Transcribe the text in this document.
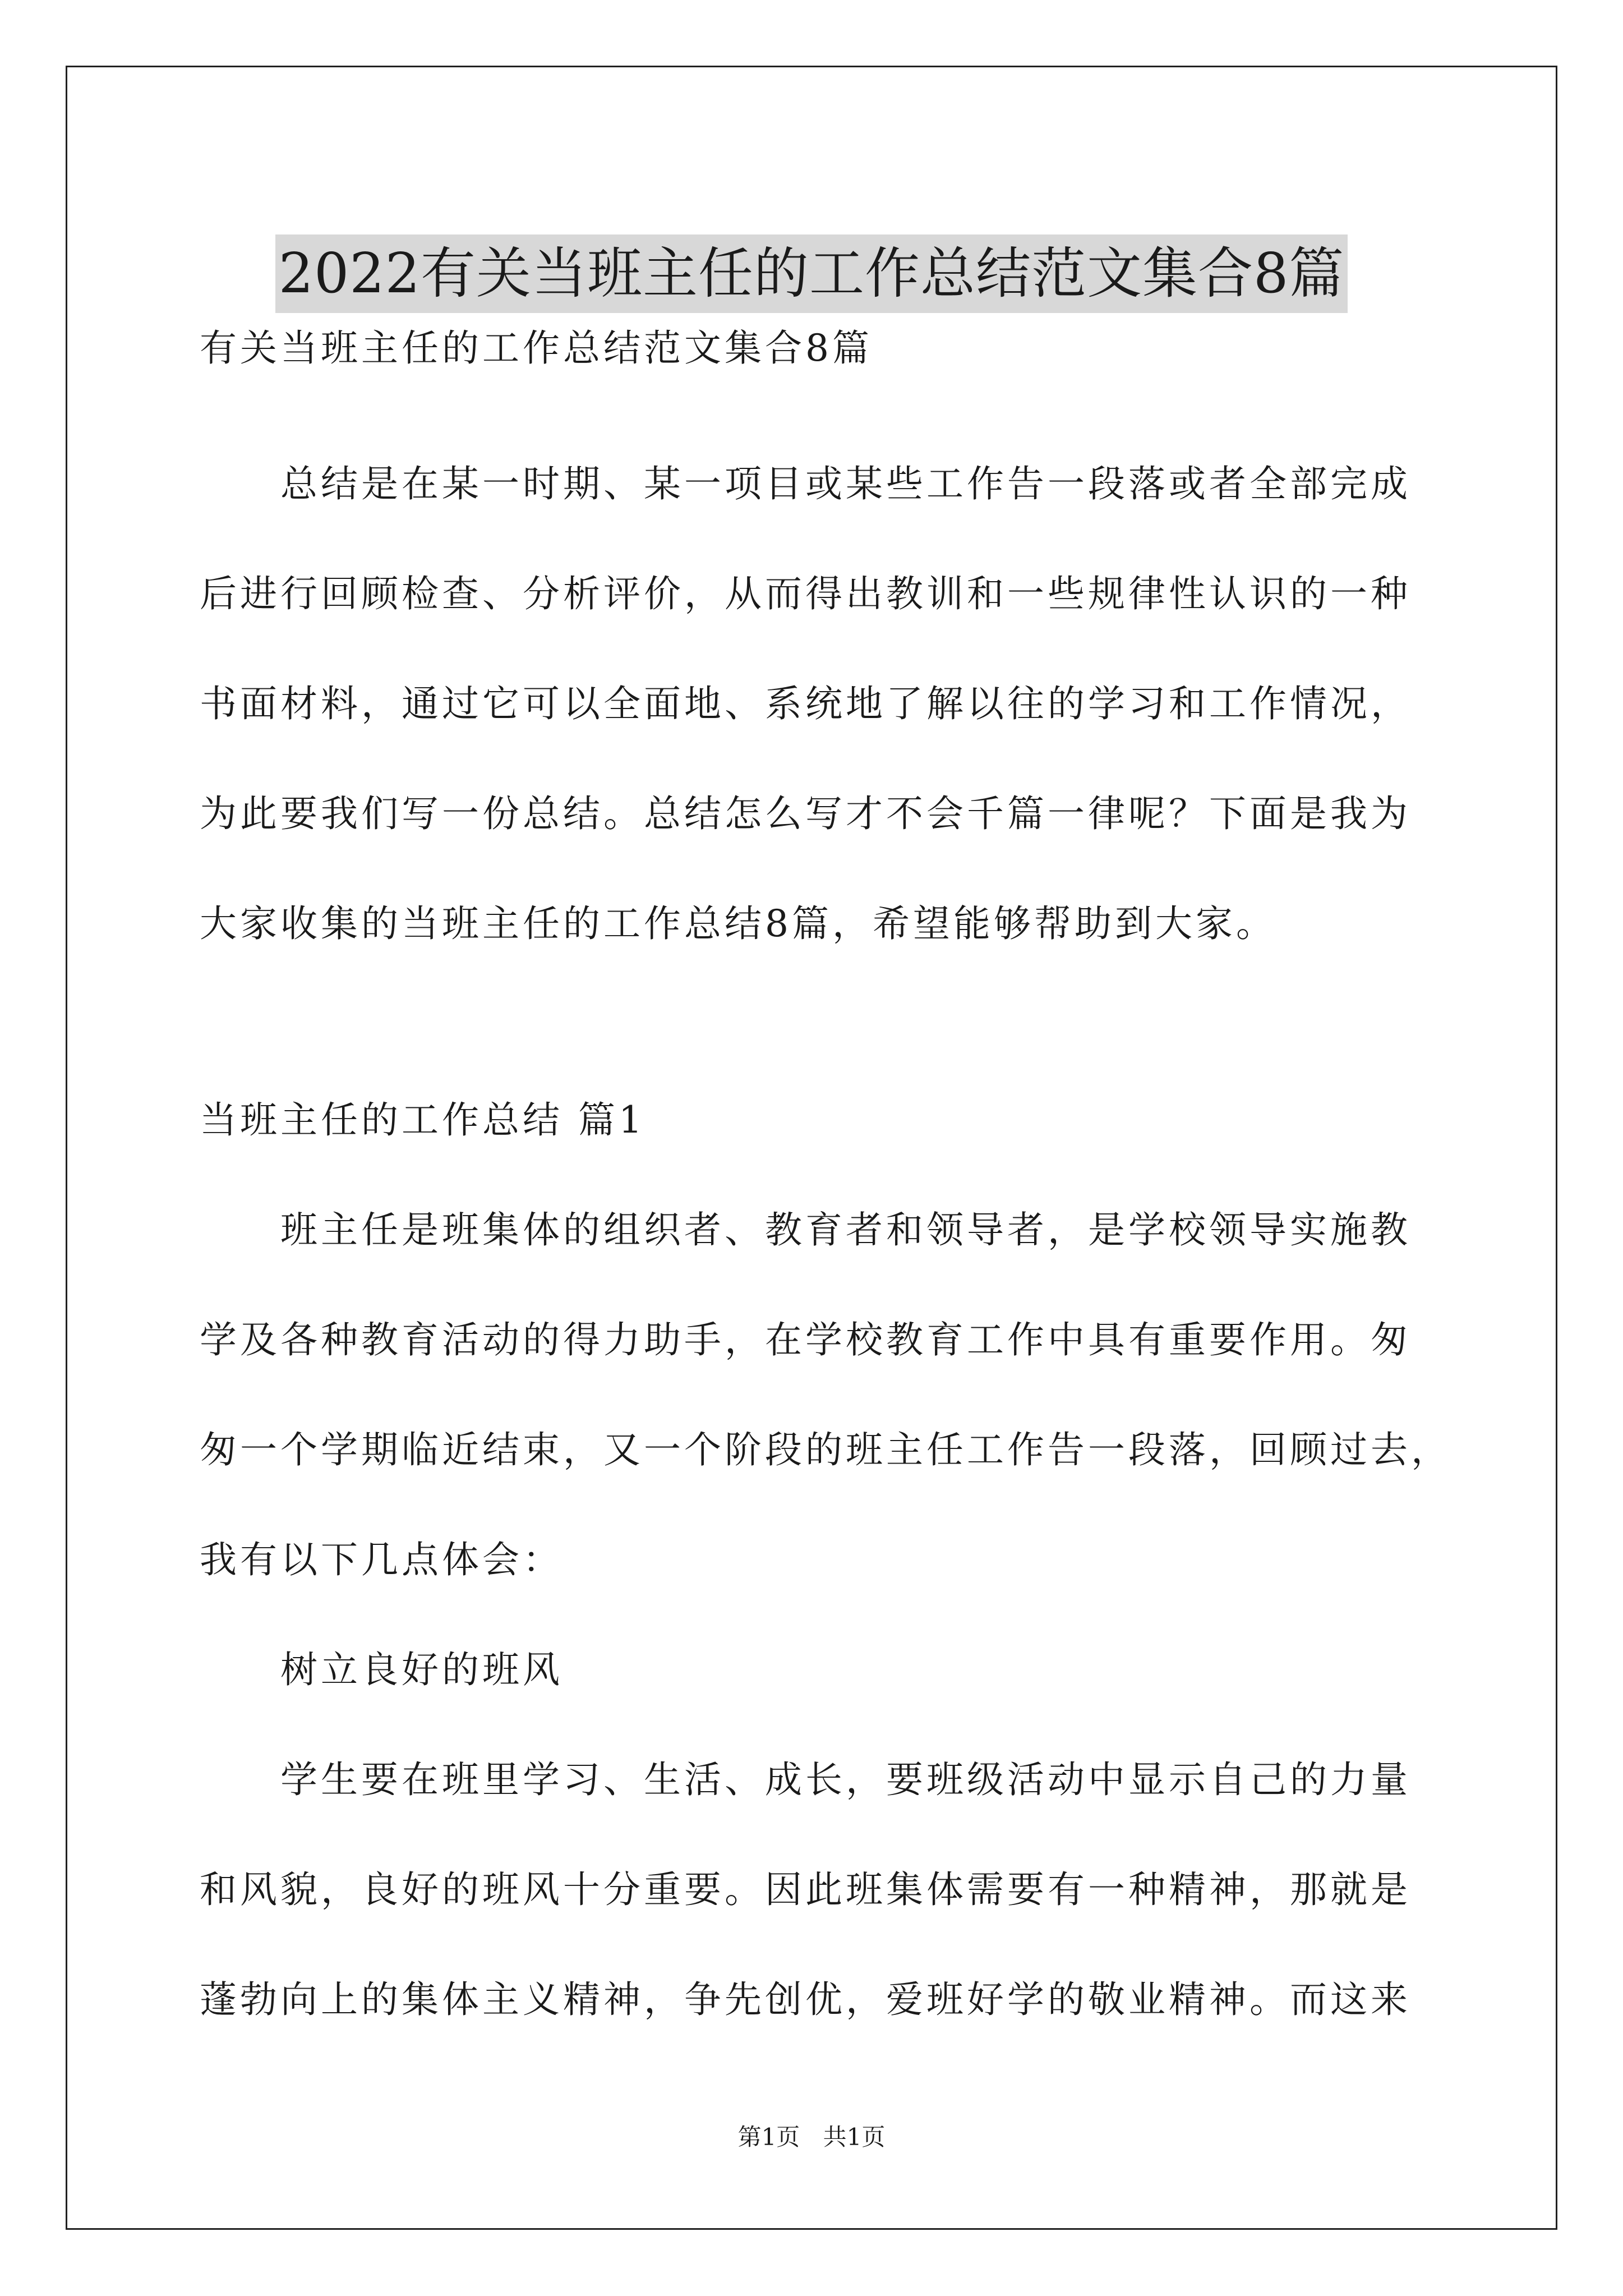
2022有关当班主任的工作总结范文集合8篇
有关当班主任的工作总结范文集合8篇
总结是在某一时期、某一项目或某些工作告一段落或者全部完成
后进行回顾检查、分析评价，从而得出教训和一些规律性认识的一种
书面材料，通过它可以全面地、系统地了解以往的学习和工作情况，
为此要我们写一份总结。总结怎么写才不会千篇一律呢？下面是我为
大家收集的当班主任的工作总结8篇，希望能够帮助到大家。
当班主任的工作总结 篇1
班主任是班集体的组织者、教育者和领导者，是学校领导实施教
学及各种教育活动的得力助手，在学校教育工作中具有重要作用。匆
匆一个学期临近结束，又一个阶段的班主任工作告一段落，回顾过去，
我有以下几点体会：
树立良好的班风
学生要在班里学习、生活、成长，要班级活动中显示自己的力量
和风貌，良好的班风十分重要。因此班集体需要有一种精神，那就是
蓬勃向上的集体主义精神，争先创优，爱班好学的敬业精神。而这来
第1页 共1页
